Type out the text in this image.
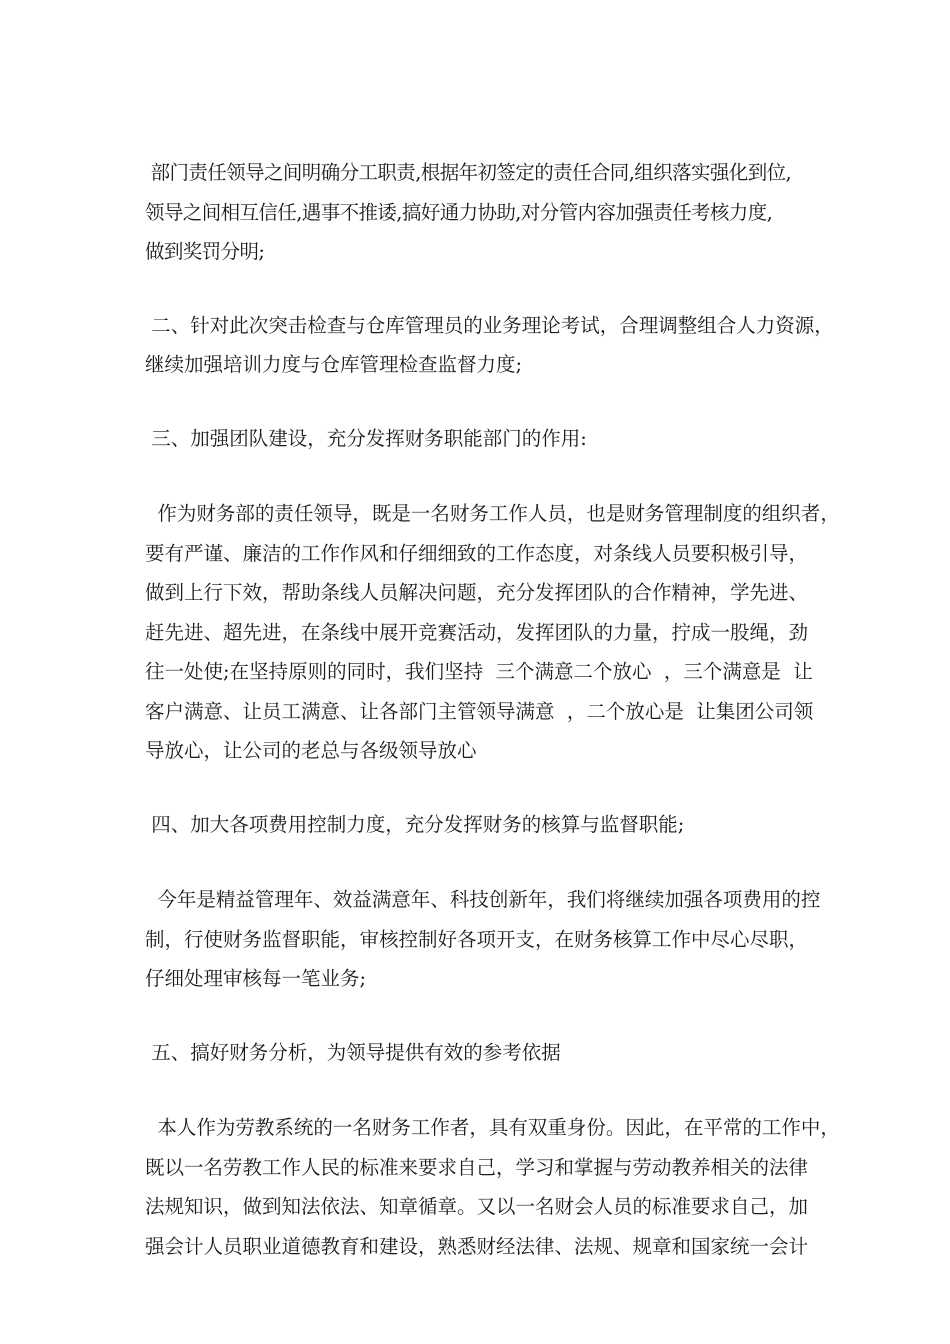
部门责任领导之间明确分工职责,根据年初签定的责任合同,组织落实强化到位,
领导之间相互信任,遇事不推诿,搞好通力协助,对分管内容加强责任考核力度,
做到奖罚分明;
二、针对此次突击检查与仓库管理员的业务理论考试，合理调整组合人力资源，
继续加强培训力度与仓库管理检查监督力度;
三、加强团队建设，充分发挥财务职能部门的作用:
作为财务部的责任领导，既是一名财务工作人员，也是财务管理制度的组织者，
要有严谨、廉洁的工作作风和仔细细致的工作态度，对条线人员要积极引导，
做到上行下效，帮助条线人员解决问题，充分发挥团队的合作精神，学先进、
赶先进、超先进，在条线中展开竞赛活动，发挥团队的力量，拧成一股绳，劲
往一处使;在坚持原则的同时，我们坚持  三个满意二个放心  ，三个满意是  让
客户满意、让员工满意、让各部门主管领导满意  ，二个放心是  让集团公司领
导放心，让公司的老总与各级领导放心
四、加大各项费用控制力度，充分发挥财务的核算与监督职能;
今年是精益管理年、效益满意年、科技创新年，我们将继续加强各项费用的控
制，行使财务监督职能，审核控制好各项开支，在财务核算工作中尽心尽职，
仔细处理审核每一笔业务;
五、搞好财务分析，为领导提供有效的参考依据
本人作为劳教系统的一名财务工作者，具有双重身份。因此，在平常的工作中，
既以一名劳教工作人民的标准来要求自己，学习和掌握与劳动教养相关的法律
法规知识，做到知法依法、知章循章。又以一名财会人员的标准要求自己，加
强会计人员职业道德教育和建设，熟悉财经法律、法规、规章和国家统一会计
